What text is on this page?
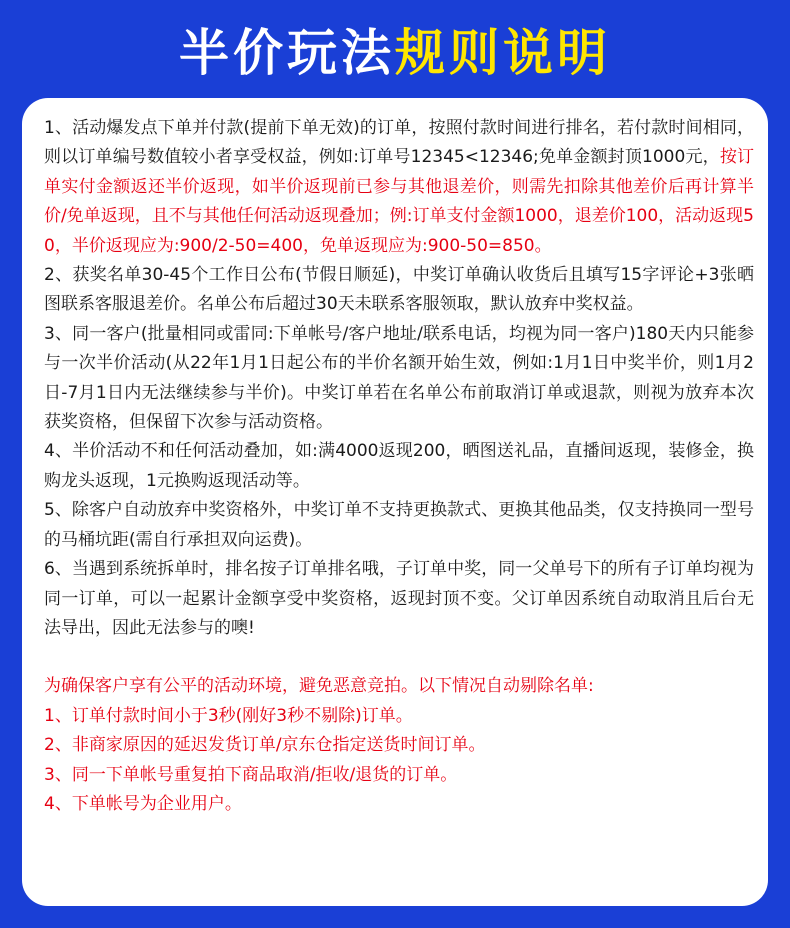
半价玩法 规则说明

1、活动爆发点下单并付款(提前下单无效)的订单，按照付款时间进行排名，若付款时间相同，则以订单编号数值较小者享受权益，例如:订单号12345<12346;免单金额封顶1000元，按订单实付金额返还半价返现，如半价返现前已参与其他退差价，则需先扣除其他差价后再计算半价/免单返现，且不与其他任何活动返现叠加；例:订单支付金额1000，退差价100，活动返现50，半价返现应为:900/2-50=400，免单返现应为:900-50=850。

2、获奖名单30-45个工作日公布(节假日顺延)，中奖订单确认收货后且填写15字评论+3张晒图联系客服退差价。名单公布后超过30天未联系客服领取，默认放弃中奖权益。

3、同一客户(批量相同或雷同:下单帐号/客户地址/联系电话，均视为同一客户)180天内只能参与一次半价活动(从22年1月1日起公布的半价名额开始生效，例如:1月1日中奖半价，则1月2日-7月1日内无法继续参与半价)。中奖订单若在名单公布前取消订单或退款，则视为放弃本次获奖资格，但保留下次参与活动资格。

4、半价活动不和任何活动叠加，如:满4000返现200，晒图送礼品，直播间返现，装修金，换购龙头返现，1元换购返现活动等。

5、除客户自动放弃中奖资格外，中奖订单不支持更换款式、更换其他品类，仅支持换同一型号的马桶坑距(需自行承担双向运费)。

6、当遇到系统拆单时，排名按子订单排名哦，子订单中奖，同一父单号下的所有子订单均视为同一订单，可以一起累计金额享受中奖资格，返现封顶不变。父订单因系统自动取消且后台无法导出，因此无法参与的噢!

为确保客户享有公平的活动环境，避免恶意竞拍。以下情况自动剔除名单:

1、订单付款时间小于3秒(刚好3秒不剔除)订单。

2、非商家原因的延迟发货订单/京东仓指定送货时间订单。

3、同一下单帐号重复拍下商品取消/拒收/退货的订单。

4、下单帐号为企业用户。
